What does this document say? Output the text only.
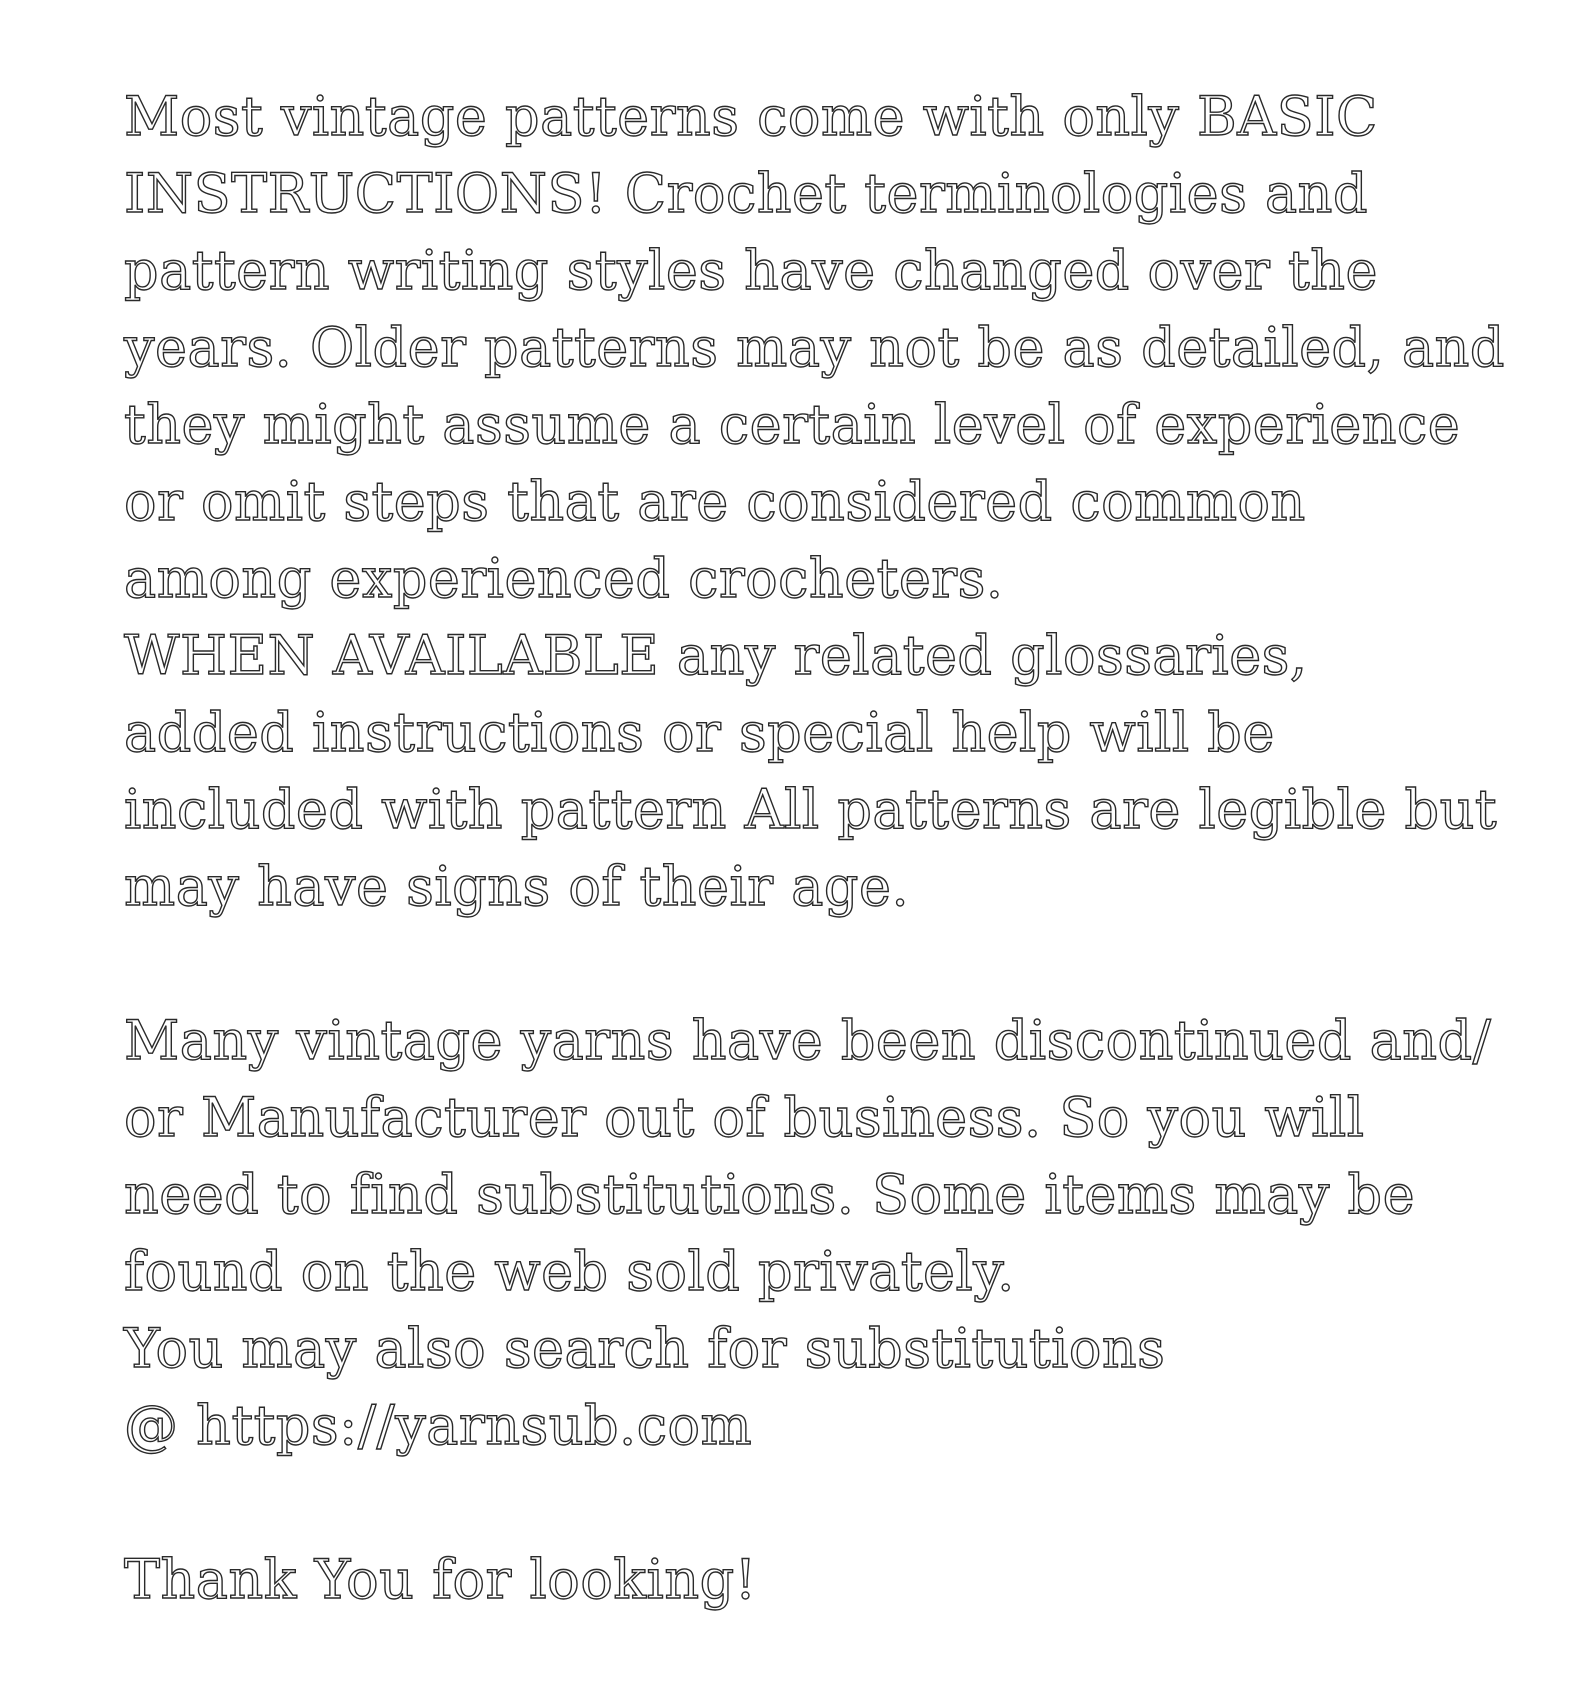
Most vintage patterns come with only BASIC
INSTRUCTIONS! Crochet terminologies and
pattern writing styles have changed over the
years. Older patterns may not be as detailed, and
they might assume a certain level of experience
or omit steps that are considered common
among experienced crocheters.
WHEN AVAILABLE any related glossaries,
added instructions or special help will be
included with pattern All patterns are legible but
may have signs of their age.
Many vintage yarns have been discontinued and/
or Manufacturer out of business. So you will
need to find substitutions. Some items may be
found on the web sold privately.
You may also search for substitutions
@ https://yarnsub.com
Thank You for looking!
